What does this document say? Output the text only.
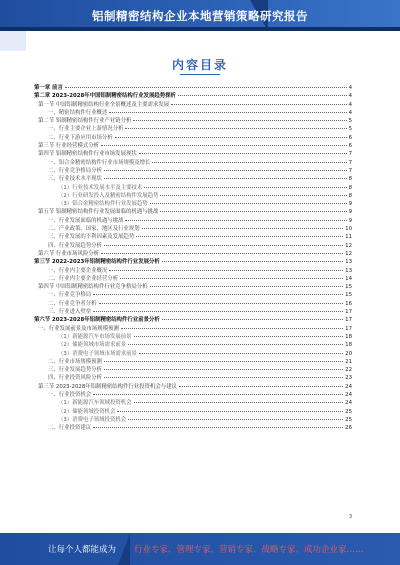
铝制精密结构企业本地营销策略研究报告
内容目录
第一章 前言	4
第二章 2023-2028年中国铝制精密结构行业发展趋势探析	4
第一节 中国铝制精密结构行业全景概述及主要需求发展	4
一、精密结构件行业概述	4
第二节 铝制精密结构件行业产业链分析	5
一、行业主要企业上游情况分析	5
二、行业下游应用市场分析	6
第三节 行业经营模式分析	6
第四节 铝制精密结构件行业市场发展现状	7
一、铝合金精密结构件行业市场规模及增长	7
二、行业竞争格局分析	7
三、行业技术水平现状	8
（1）行业技术发展水平及主要技术	8
（2）行业研发投入及精密结构件发展趋势	8
（3）铝合金精密结构件行业发展趋势	9
第五节 铝制精密结构件行业发展面临的机遇与挑战	9
一、行业发展面临的机遇与挑战	9
二、产业政策、国家、地区及行业规划	10
三、行业发展的不利因素及发展趋势	11
四、行业发展趋势分析	12
第六节 行业市场风险分析	12
第三节 2022-2023年铝制精密结构件行业发展分析	13
一、行业内主要企业概况	13
二、行业内主要企业经营分析	14
第四节 中国铝制精密结构件行业竞争格局分析	15
一、行业竞争格局	15
二、行业竞争者分析	16
三、行业进入壁垒	17
第六节 2023-2028年铝制精密结构件行业前景分析	17
一、行业发展前景及市场规模预测	17
（1）新能源汽车市场发展前景	18
（2）储能领域市场需求前景	18
（3）消费电子领域市场需求前景	20
二、行业市场规模预测	21
三、行业发展趋势分析	22
四、行业投资风险分析	23
第三节 2023-2028年铝制精密结构件行业投资机会与建议	24
一、行业投资机会	24
（1）新能源汽车领域投资机会	24
（2）储能领域投资机会	25
（3）消费电子领域投资机会	25
二、行业投资建议	26
3
让每个人都能成为 行业专家、管理专家、营销专家、战略专家、成功企业家……
